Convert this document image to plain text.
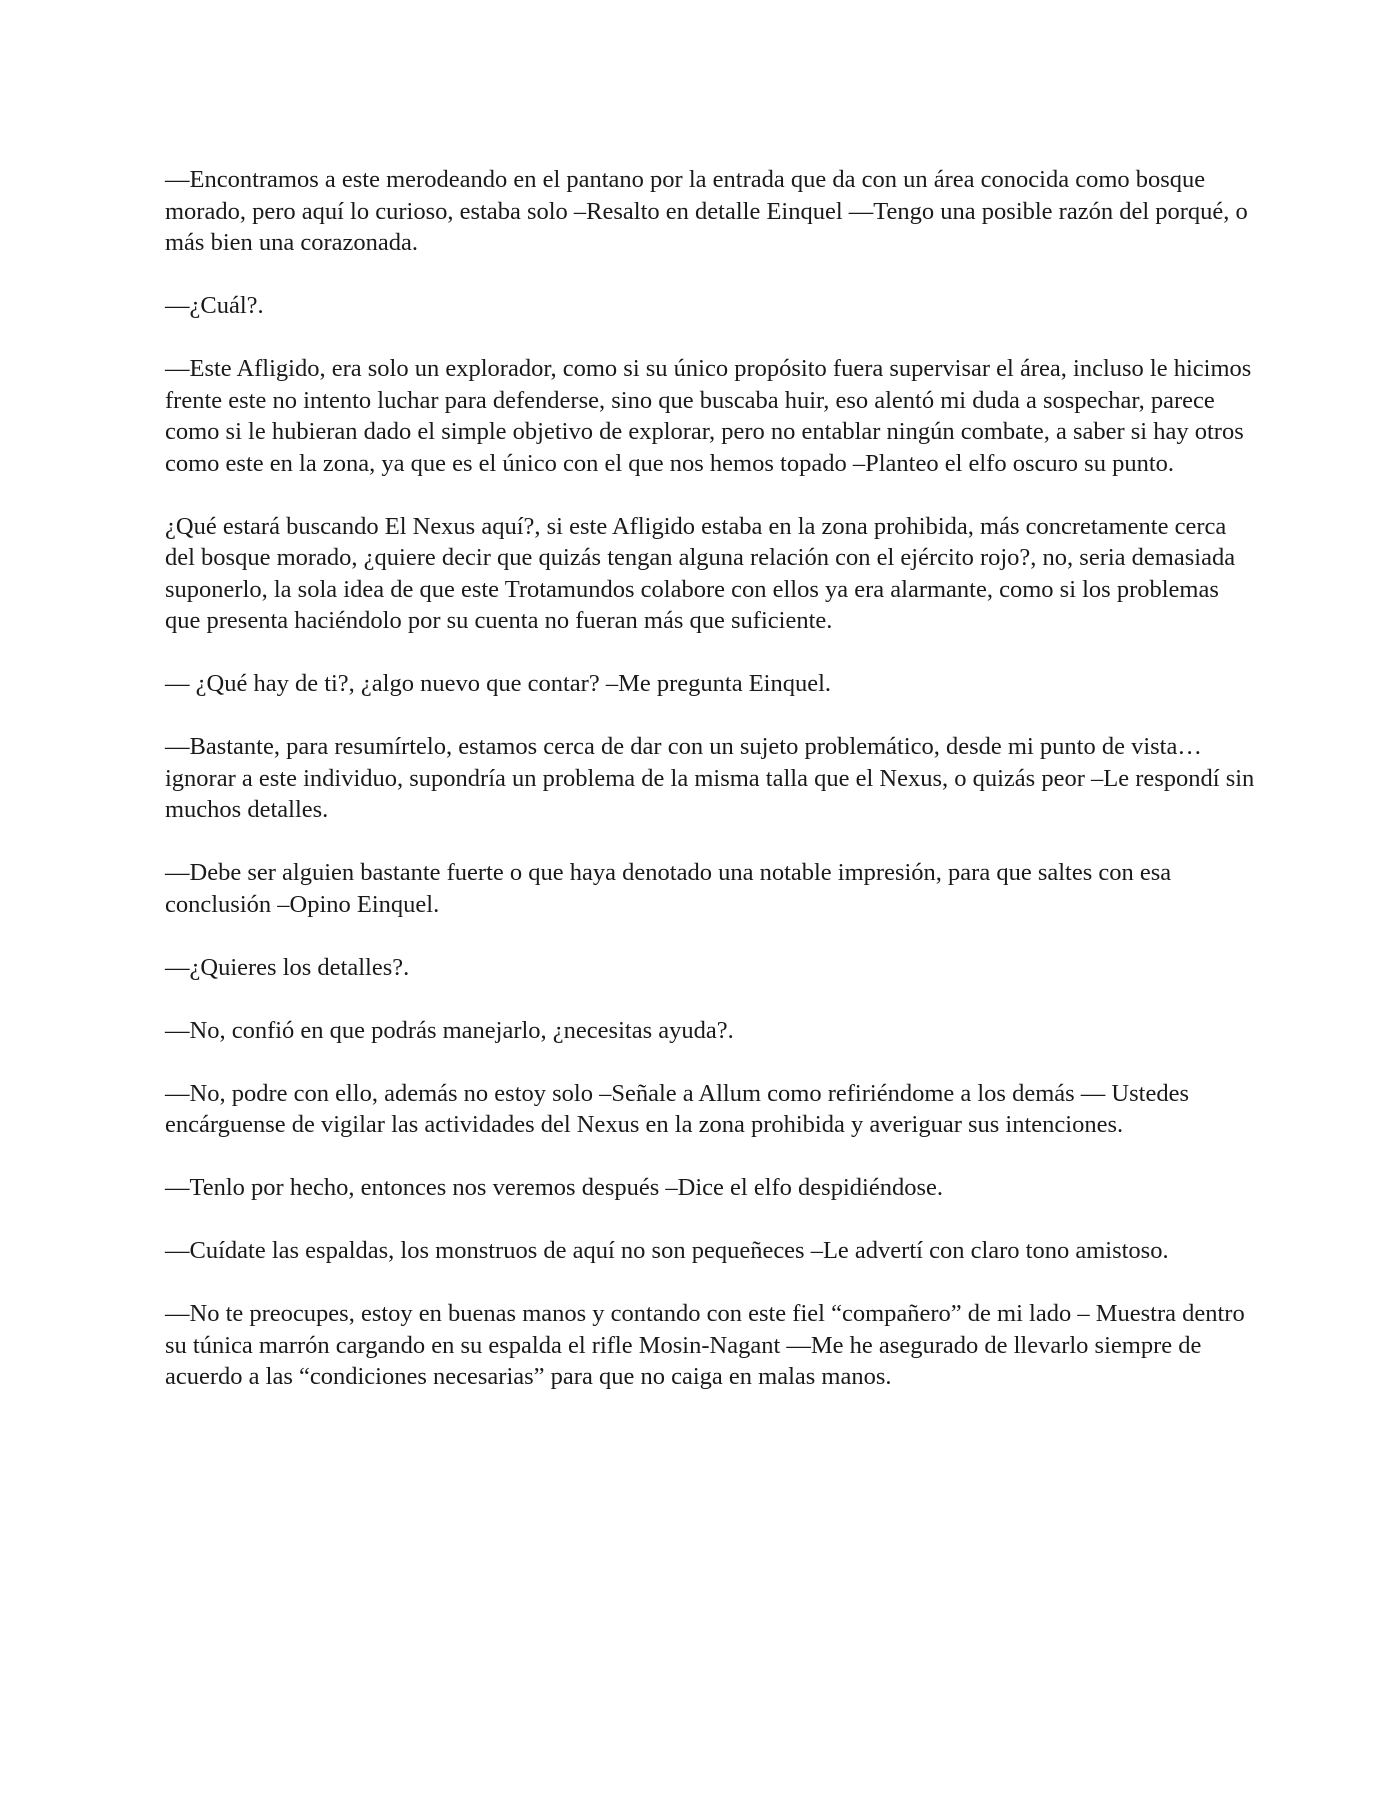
—Encontramos a este merodeando en el pantano por la entrada que da con un área conocida como bosque morado, pero aquí lo curioso, estaba solo –Resalto en detalle Einquel —Tengo una posible razón del porqué, o más bien una corazonada.

—¿Cuál?.

—Este Afligido, era solo un explorador, como si su único propósito fuera supervisar el área, incluso le hicimos frente este no intento luchar para defenderse, sino que buscaba huir, eso alentó mi duda a sospechar, parece como si le hubieran dado el simple objetivo de explorar, pero no entablar ningún combate, a saber si hay otros como este en la zona, ya que es el único con el que nos hemos topado –Planteo el elfo oscuro su punto.

¿Qué estará buscando El Nexus aquí?, si este Afligido estaba en la zona prohibida, más concretamente cerca del bosque morado, ¿quiere decir que quizás tengan alguna relación con el ejército rojo?, no, seria demasiada suponerlo, la sola idea de que este Trotamundos colabore con ellos ya era alarmante, como si los problemas que presenta haciéndolo por su cuenta no fueran más que suficiente.

— ¿Qué hay de ti?, ¿algo nuevo que contar? –Me pregunta Einquel.

—Bastante, para resumírtelo, estamos cerca de dar con un sujeto problemático, desde mi punto de vista… ignorar a este individuo, supondría un problema de la misma talla que el Nexus, o quizás peor –Le respondí sin muchos detalles.

—Debe ser alguien bastante fuerte o que haya denotado una notable impresión, para que saltes con esa conclusión –Opino Einquel.

—¿Quieres los detalles?.

—No, confió en que podrás manejarlo, ¿necesitas ayuda?.

—No, podre con ello, además no estoy solo –Señale a Allum como refiriéndome a los demás — Ustedes encárguense de vigilar las actividades del Nexus en la zona prohibida y averiguar sus intenciones.

—Tenlo por hecho, entonces nos veremos después –Dice el elfo despidiéndose.

—Cuídate las espaldas, los monstruos de aquí no son pequeñeces –Le advertí con claro tono amistoso.

—No te preocupes, estoy en buenas manos y contando con este fiel “compañero” de mi lado – Muestra dentro su túnica marrón cargando en su espalda el rifle Mosin-Nagant —Me he asegurado de llevarlo siempre de acuerdo a las “condiciones necesarias” para que no caiga en malas manos.
